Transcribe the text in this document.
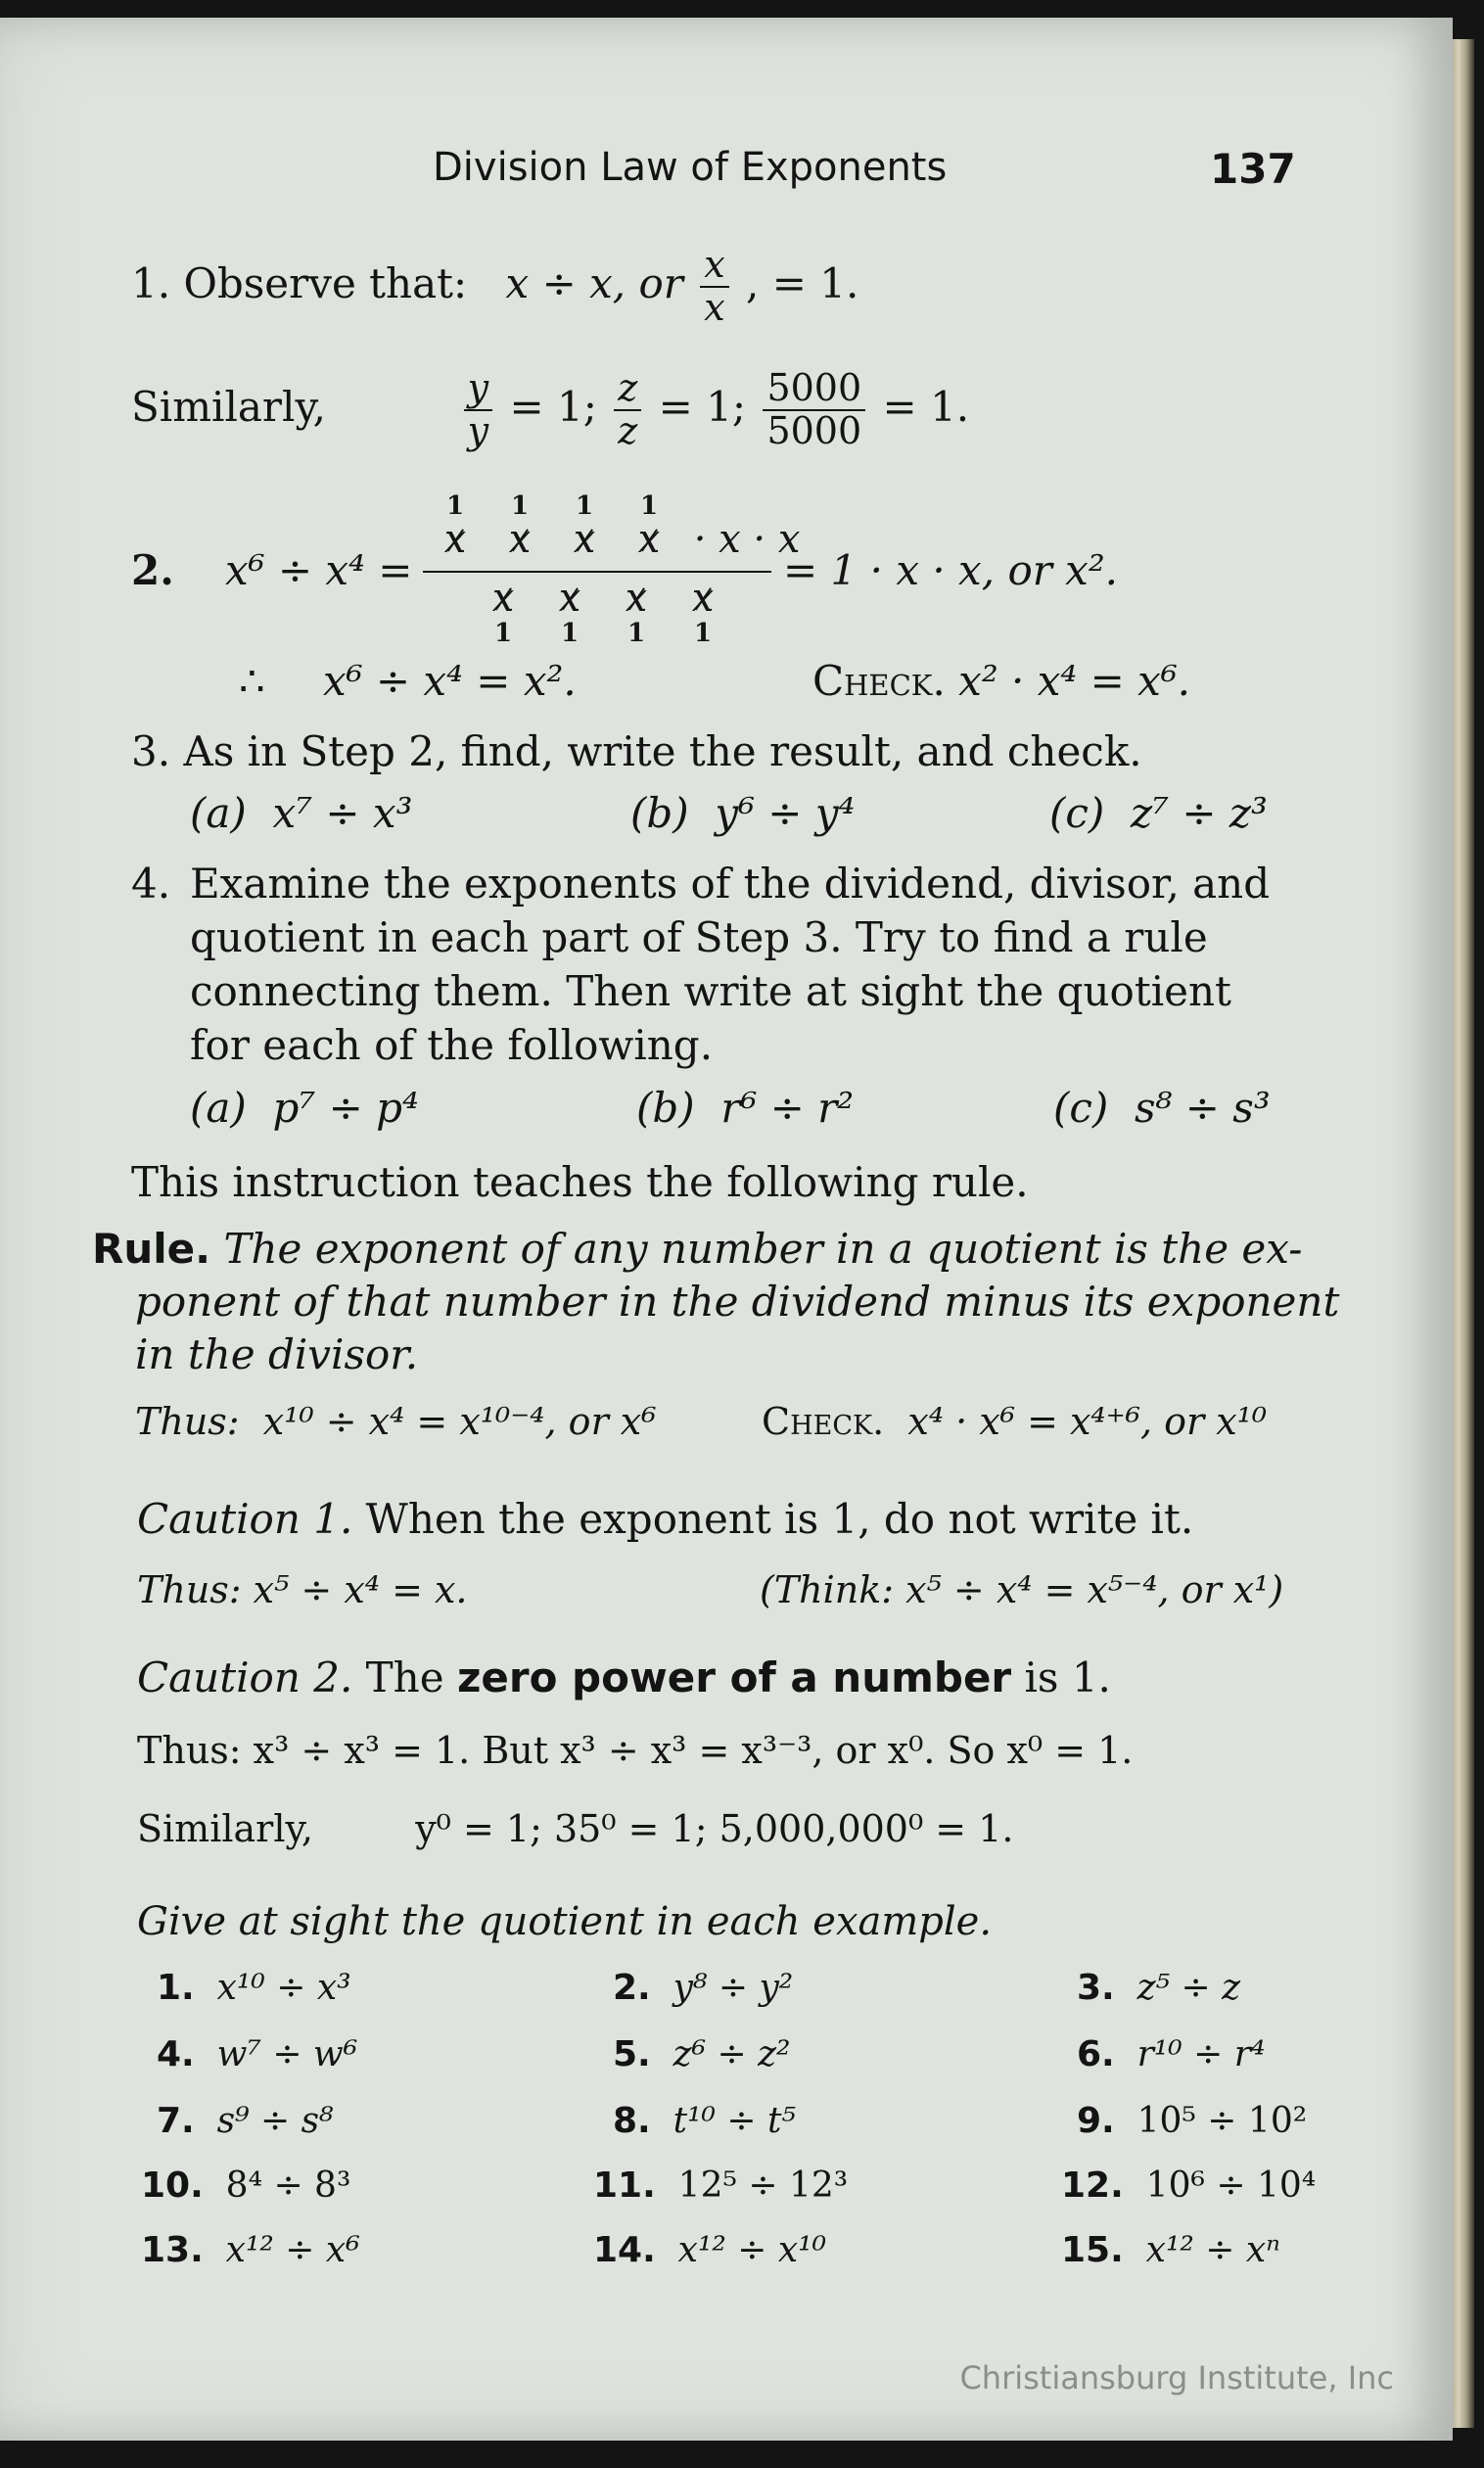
Division Law of Exponents	137
1. Observe that: x ÷ x, or $\frac{x}{x}$ , = 1.
Similarly,	$\frac{y}{y} = 1$; $\frac{z}{z} = 1$; $\frac{5000}{5000} = 1$.
2. x⁶ ÷ x⁴ =
1 1 1 1
x x x x · x · x
x x x x
1 1 1 1
= 1 · x · x, or x².
∴ x⁶ ÷ x⁴ = x².	Check. x² · x⁴ = x⁶.
3. As in Step 2, find, write the result, and check.
(a) x⁷ ÷ x³	(b) y⁶ ÷ y⁴	(c) z⁷ ÷ z³
4. Examine the exponents of the dividend, divisor, and
quotient in each part of Step 3. Try to find a rule
connecting them. Then write at sight the quotient
for each of the following.
(a) p⁷ ÷ p⁴	(b) r⁶ ÷ r²	(c) s⁸ ÷ s³
This instruction teaches the following rule.
Rule. The exponent of any number in a quotient is the ex-
ponent of that number in the dividend minus its exponent
in the divisor.
Thus: x¹⁰ ÷ x⁴ = x¹⁰⁻⁴, or x⁶	Check. x⁴ · x⁶ = x⁴⁺⁶, or x¹⁰
Caution 1. When the exponent is 1, do not write it.
Thus: x⁵ ÷ x⁴ = x.	(Think: x⁵ ÷ x⁴ = x⁵⁻⁴, or x¹)
Caution 2. The zero power of a number is 1.
Thus: x³ ÷ x³ = 1. But x³ ÷ x³ = x³⁻³, or x⁰. So x⁰ = 1.
Similarly,	y⁰ = 1; 35⁰ = 1; 5,000,000⁰ = 1.
Give at sight the quotient in each example.
1. x¹⁰ ÷ x³	2. y⁸ ÷ y²	3. z⁵ ÷ z
4. w⁷ ÷ w⁶	5. z⁶ ÷ z²	6. r¹⁰ ÷ r⁴
7. s⁹ ÷ s⁸	8. t¹⁰ ÷ t⁵	9. 10⁵ ÷ 10²
10. 8⁴ ÷ 8³	11. 12⁵ ÷ 12³	12. 10⁶ ÷ 10⁴
13. x¹² ÷ x⁶	14. x¹² ÷ x¹⁰	15. x¹² ÷ xⁿ
Christiansburg Institute, Inc
